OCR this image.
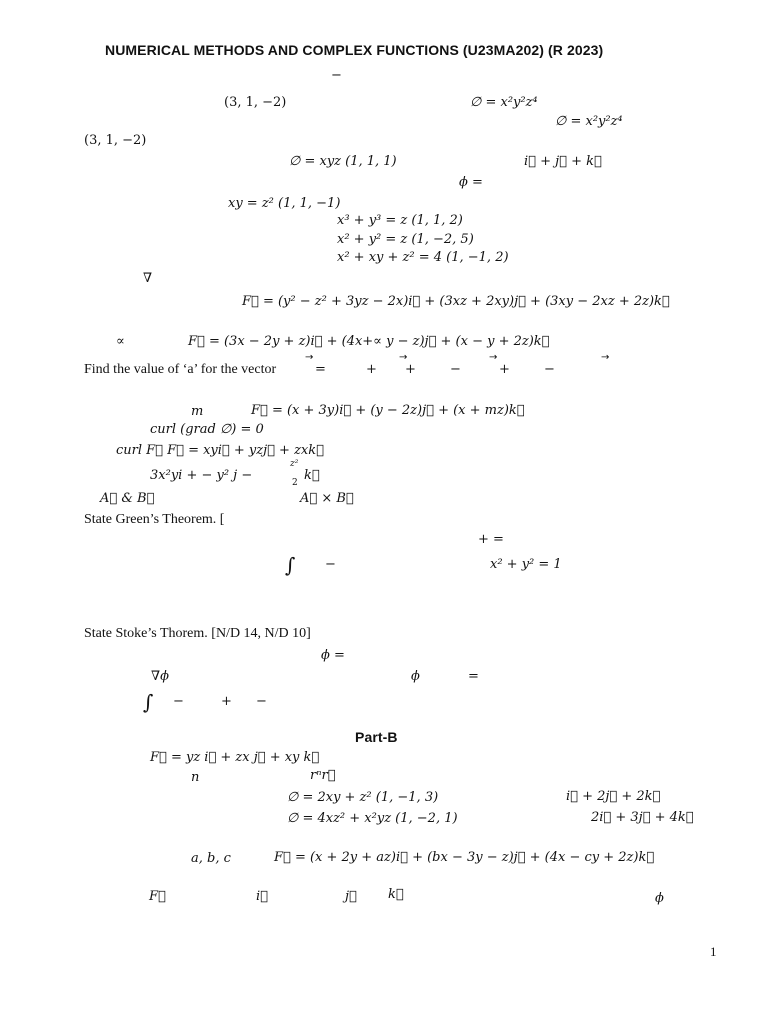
NUMERICAL METHODS AND COMPLEX FUNCTIONS (U23MA202) (R 2023)
−
(3, 1, −2)	∅ = x²y²z⁴
∅ = x²y²z⁴
(3, 1, −2)
∅ = xyz (1, 1, 1)	i⃗ + j⃗ + k⃗
ϕ =
xy = z² (1, 1, −1)
x³ + y³ = z (1, 1, 2)
x² + y² = z (1, −2, 5)
x² + xy + z² = 4 (1, −1, 2)
∇
F⃗ = (y² − z² + 3yz − 2x)i⃗ + (3xz + 2xy)j⃗ + (3xy − 2xz + 2z)k⃗
∝	F⃗ = (3x − 2y + z)i⃗ + (4x+∝ y − z)j⃗ + (x − y + 2z)k⃗
Find the value of ‘a’ for the vector
→
=	+
→
+	−
→
+	−
→
m	F⃗ = (x + 3y)i⃗ + (y − 2z)j⃗ + (x + mz)k⃗
curl (grad ∅) = 0
curl F⃗ F⃗ = xyi⃗ + yzj⃗ + zxk⃗
3x²yi + − y² j −
z²
2 k⃗
A⃗ & B⃗	A⃗ × B⃗
State Green’s Theorem. [
+ =
∫ −	x² + y² = 1
State Stoke’s Thorem. [N/D 14, N/D 10]
ϕ =
∇ϕ	ϕ	=
∫ −	+ −
Part-B
F⃗ = yz i⃗ + zx j⃗ + xy k⃗
n	rⁿr⃗
∅ = 2xy + z² (1, −1, 3)	i⃗ + 2j⃗ + 2k⃗
∅ = 4xz² + x²yz (1, −2, 1)	2i⃗ + 3j⃗ + 4k⃗
a, b, c	F⃗ = (x + 2y + az)i⃗ + (bx − 3y − z)j⃗ + (4x − cy + 2z)k⃗
F⃗	i⃗	j⃗ k⃗	ϕ
1
